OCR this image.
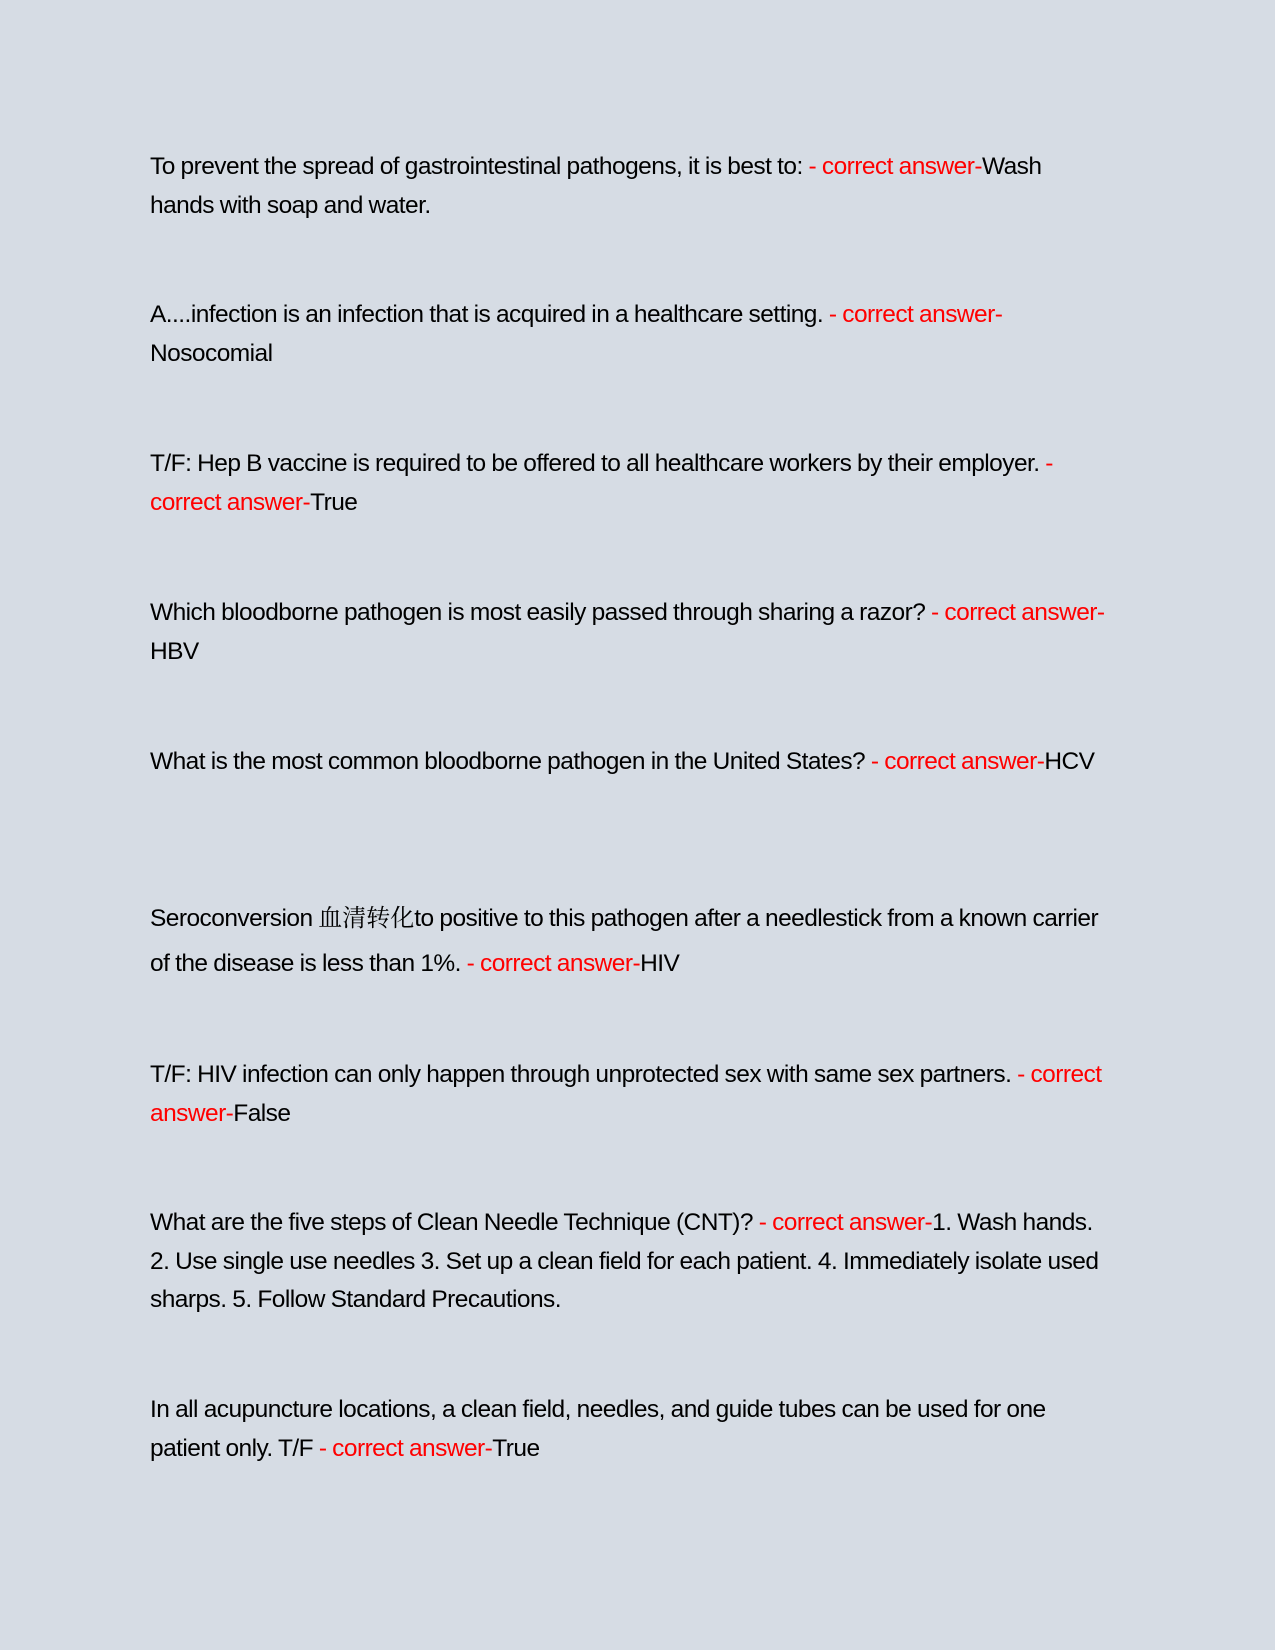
To prevent the spread of gastrointestinal pathogens, it is best to: - correct answer-Wash hands with soap and water.

A....infection is an infection that is acquired in a healthcare setting. - correct answer-Nosocomial

T/F: Hep B vaccine is required to be offered to all healthcare workers by their employer. - correct answer-True

Which bloodborne pathogen is most easily passed through sharing a razor? - correct answer-HBV

What is the most common bloodborne pathogen in the United States? - correct answer-HCV

Seroconversion 血清转化to positive to this pathogen after a needlestick from a known carrier of the disease is less than 1%. - correct answer-HIV

T/F: HIV infection can only happen through unprotected sex with same sex partners. - correct answer-False

What are the five steps of Clean Needle Technique (CNT)? - correct answer-1. Wash hands. 2. Use single use needles 3. Set up a clean field for each patient. 4. Immediately isolate used sharps. 5. Follow Standard Precautions.

In all acupuncture locations, a clean field, needles, and guide tubes can be used for one patient only. T/F - correct answer-True
